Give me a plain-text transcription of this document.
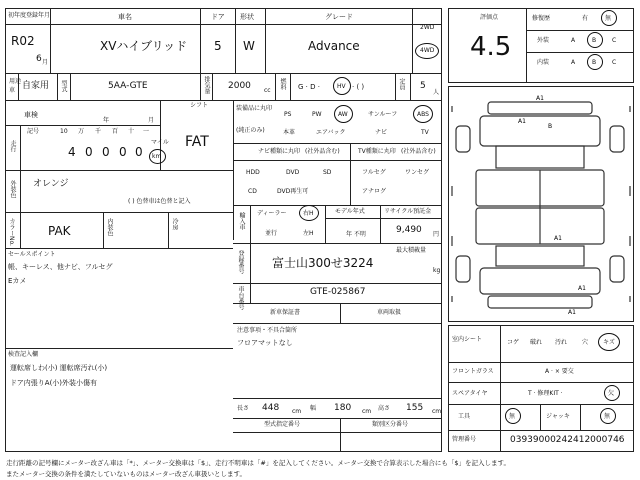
初年度登録年月
R02
6 月
車名
XVハイブリッド
ドア
5
形状
W
グレード
Advance
2WD
4WD
用途
車 自家用 型式	5AA-GTE	排気量 2000 cc
燃料 G · D ·	HV · ( )	定員 5
人
車検
年	月
シフト
記号	10 万 千 百 十 一
走行	4 0 0 0 0
マイル
km
FAT
外装色 オレンジ
( ) 色替車は色替と記入
カラーNo.	PAK	内装色	冷房
セールスポイント
帳、キーレス、他ナビ、フルセグ
Eカメ
検査記入欄
運転席しわ(小) 運転席汚れ(小)
ドア内張りA(小)外装小傷有
装備品に丸印
(純正のみ)
PS	PW	AW	サンルーフ	ABS
本革	エアバック	ナビ	TV
ナビ種類に丸印 (社外品含む)	TV種類に丸印 (社外品含む)
HDD	DVD	SD
CD	DVD再生可
フルセグ	ワンセグ
アナログ
輸入車 ディーラー	右H
並行	左H
モデル年式
年 不明
リサイクル預託金
9,490 円
最大積載量
kg
登録番号 富士山300せ3224
車台番号	GTE-025867
新車保証書	車両取扱
注意事項・不具合箇所
フロアマットなし
長さ 448 cm 幅 180 cm 高さ 155 cm
型式指定番号	類別区分番号
評価点
4.5
修復歴	有	無
外装	A	B	C
内装	A	B	C
A1
A1
A1
A1
A1
B
室内シート	コゲ 破れ 汚れ 穴 キズ
フロントガラス	A · × 要交
スペアタイヤ	T · 修理KIT ·	欠
工具	無	ジャッキ	無
管理番号	03939000242412000746
走行距離の記号欄にメーター改ざん車は「*」、メーター交換車は「$」、走行不明車は「#」を記入してください。メーター交換で合算表示した場合にも「$」を記入します。
またメーター交換の条件を満たしていないものはメーター改ざん車扱いとします。
